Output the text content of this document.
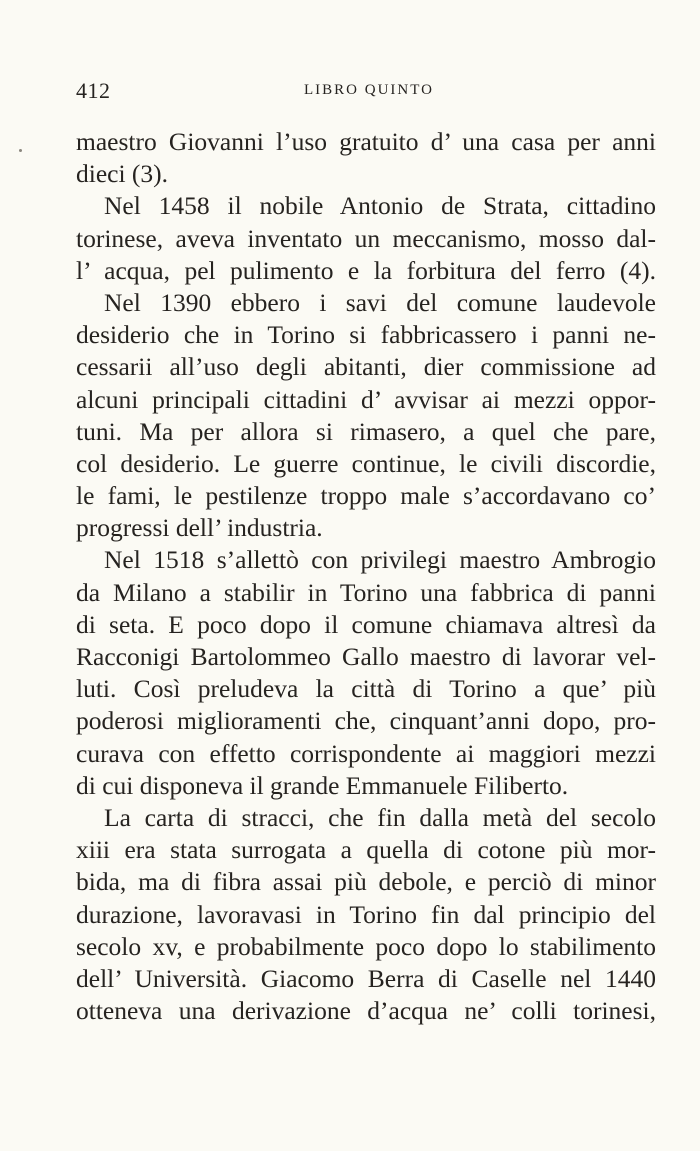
412	LIBRO QUINTO
maestro Giovanni l’uso gratuito d’ una casa per anni
dieci (3).
Nel 1458 il nobile Antonio de Strata, cittadino
torinese, aveva inventato un meccanismo, mosso dal-
l’ acqua, pel pulimento e la forbitura del ferro (4).
Nel 1390 ebbero i savi del comune laudevole
desiderio che in Torino si fabbricassero i panni ne-
cessarii all’uso degli abitanti, dier commissione ad
alcuni principali cittadini d’ avvisar ai mezzi oppor-
tuni. Ma per allora si rimasero, a quel che pare,
col desiderio. Le guerre continue, le civili discordie,
le fami, le pestilenze troppo male s’accordavano co’
progressi dell’ industria.
Nel 1518 s’allettò con privilegi maestro Ambrogio
da Milano a stabilir in Torino una fabbrica di panni
di seta. E poco dopo il comune chiamava altresì da
Racconigi Bartolommeo Gallo maestro di lavorar vel-
luti. Così preludeva la città di Torino a que’ più
poderosi miglioramenti che, cinquant’anni dopo, pro-
curava con effetto corrispondente ai maggiori mezzi
di cui disponeva il grande Emmanuele Filiberto.
La carta di stracci, che fin dalla metà del secolo
xiii era stata surrogata a quella di cotone più mor-
bida, ma di fibra assai più debole, e perciò di minor
durazione, lavoravasi in Torino fin dal principio del
secolo xv, e probabilmente poco dopo lo stabilimento
dell’ Università. Giacomo Berra di Caselle nel 1440
otteneva una derivazione d’acqua ne’ colli torinesi,
